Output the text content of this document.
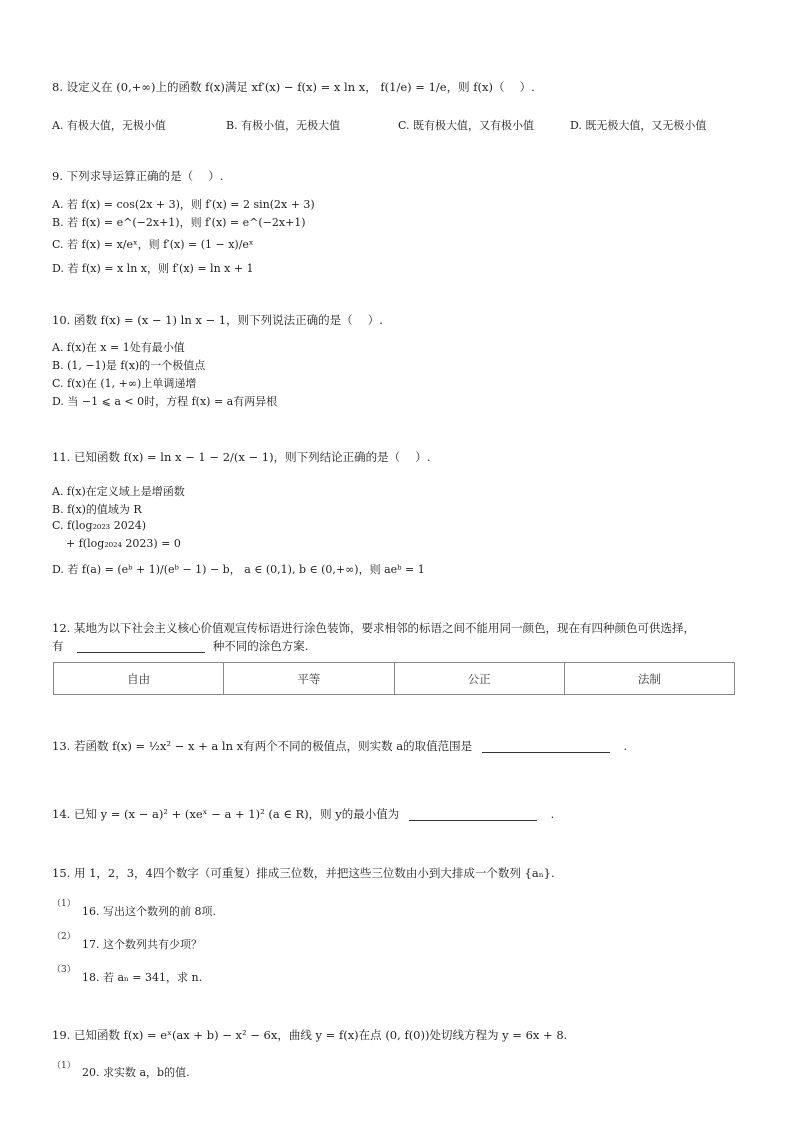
8. 设定义在 (0,+∞)上的函数 f(x)满足 xf′(x) − f(x) = x ln x， f(1/e) = 1/e，则 f(x)（　 ）.
A. 有极大值，无极小值	B. 有极小值，无极大值	C. 既有极大值，又有极小值	D. 既无极大值，又无极小值
9. 下列求导运算正确的是（　 ）.
A. 若 f(x) = cos(2x + 3)，则 f′(x) = 2 sin(2x + 3)
B. 若 f(x) = e^(−2x+1)，则 f′(x) = e^(−2x+1)
C. 若 f(x) = x/eˣ，则 f′(x) = (1 − x)/eˣ
D. 若 f(x) = x ln x，则 f′(x) = ln x + 1
10. 函数 f(x) = (x − 1) ln x − 1，则下列说法正确的是（　 ）.
A. f(x)在 x = 1处有最小值
B. (1, −1)是 f(x)的一个极值点
C. f(x)在 (1, +∞)上单调递增
D. 当 −1 ⩽ a < 0时，方程 f(x) = a有两异根
11. 已知函数 f(x) = ln x − 1 − 2/(x − 1)，则下列结论正确的是（　 ）.
A. f(x)在定义域上是增函数
B. f(x)的值域为 R
C. f(log₂₀₂₃ 2024)
+ f(log₂₀₂₄ 2023) = 0
D. 若 f(a) = (eᵇ + 1)/(eᵇ − 1) − b， a ∈ (0,1), b ∈ (0,+∞)，则 aeᵇ = 1
12. 某地为以下社会主义核心价值观宣传标语进行涂色装饰，要求相邻的标语之间不能用同一颜色，现在有四种颜色可供选择，
有	种不同的涂色方案.
自由	平等	公正	法制
13. 若函数 f(x) = ½x² − x + a ln x有两个不同的极值点，则实数 a的取值范围是	.
14. 已知 y = (x − a)² + (xeˣ − a + 1)² (a ∈ R)，则 y的最小值为	.
15. 用 1，2，3，4四个数字（可重复）排成三位数，并把这些三位数由小到大排成一个数列 {aₙ}.
（1）
16. 写出这个数列的前 8项.
（2）
17. 这个数列共有少项？
（3）
18. 若 aₙ = 341，求 n.
19. 已知函数 f(x) = eˣ(ax + b) − x² − 6x，曲线 y = f(x)在点 (0, f(0))处切线方程为 y = 6x + 8.
（1） 20. 求实数 a，b的值.
